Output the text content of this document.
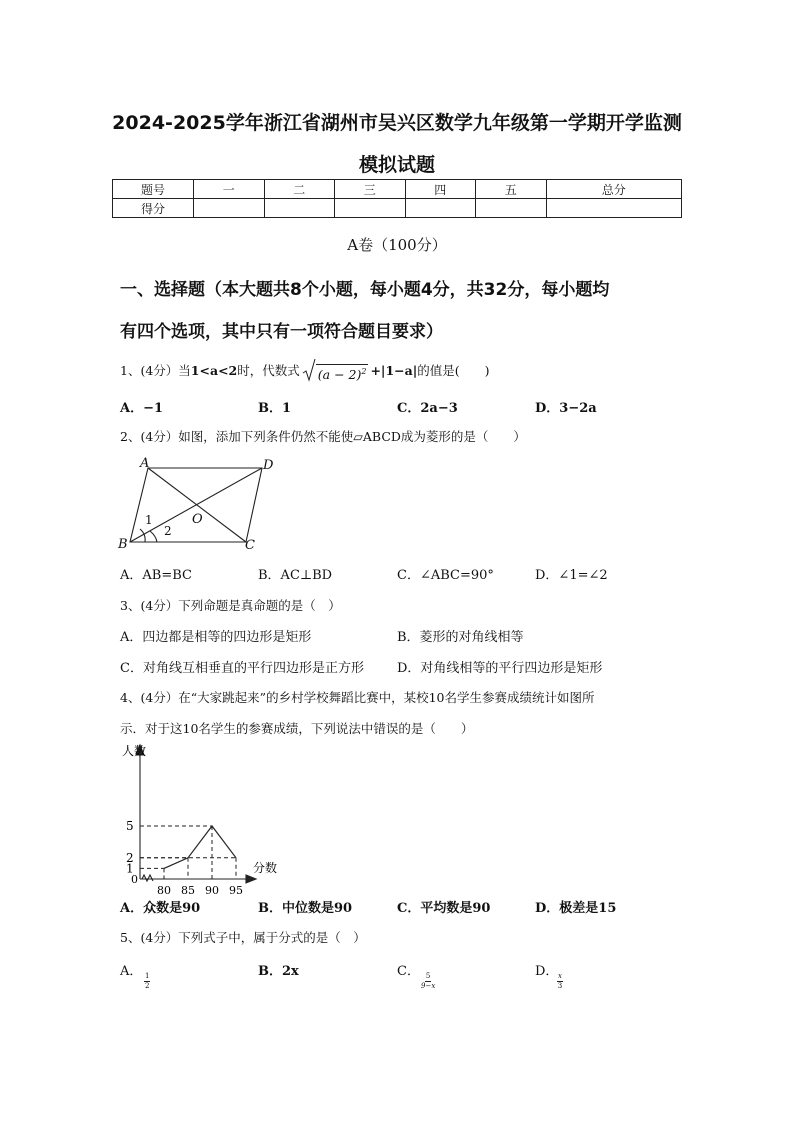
2024-2025学年浙江省湖州市吴兴区数学九年级第一学期开学监测
模拟试题
题号	一	二	三	四	五	总分
得分						
A卷（100分）
一、选择题（本大题共8个小题，每小题4分，共32分，每小题均
有四个选项，其中只有一项符合题目要求）
1、(4分）当 1<a<2 时，代数式 $(a - 2)^2 +|1-a|$ 的值是(　　)
A．−1	B．1	C．2a−3	D．3−2a
2、(4分）如图，添加下列条件仍然不能使▱ABCD成为菱形的是（　　）
A	D
B	C
O
1
2
A．AB=BC	B．AC⊥BD	C．∠ABC=90°	D．∠1=∠2
3、(4分）下列命题是真命题的是（　）
A．四边都是相等的四边形是矩形	B．菱形的对角线相等
C．对角线互相垂直的平行四边形是正方形	D．对角线相等的平行四边形是矩形
4、(4分）在“大家跳起来”的乡村学校舞蹈比赛中，某校10名学生参赛成绩统计如图所
示．对于这10名学生的参赛成绩，下列说法中错误的是（　　）
人数
分数
0
80 85 90 95
1
2
5
A．众数是90	B．中位数是90	C．平均数是90	D．极差是15
5、(4分）下列式子中，属于分式的是（　）
A．
$\frac{1}{2}$
B．2x	C．
$\frac{5}{9-x}$
D．
$\frac{x}{3}$
